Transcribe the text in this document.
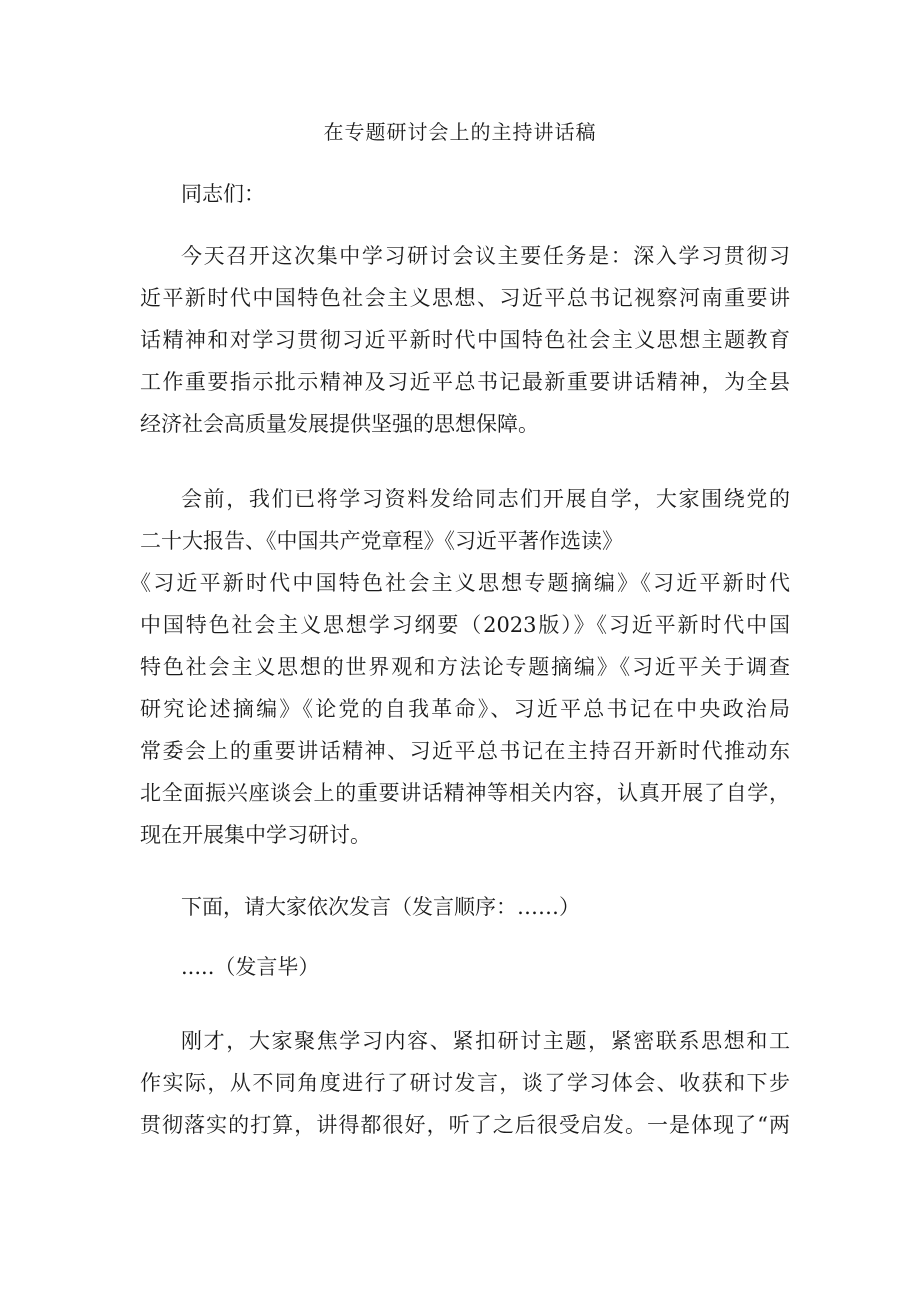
在专题研讨会上的主持讲话稿
同志们：
今天召开这次集中学习研讨会议主要任务是：深入学习贯彻习
近平新时代中国特色社会主义思想、习近平总书记视察河南重要讲
话精神和对学习贯彻习近平新时代中国特色社会主义思想主题教育
工作重要指示批示精神及习近平总书记最新重要讲话精神，为全县
经济社会高质量发展提供坚强的思想保障。
会前，我们已将学习资料发给同志们开展自学，大家围绕党的
二十大报告、《中国共产党章程》《习近平著作选读》
《习近平新时代中国特色社会主义思想专题摘编》《习近平新时代
中国特色社会主义思想学习纲要（2023版）》《习近平新时代中国
特色社会主义思想的世界观和方法论专题摘编》《习近平关于调查
研究论述摘编》《论党的自我革命》、习近平总书记在中央政治局
常委会上的重要讲话精神、习近平总书记在主持召开新时代推动东
北全面振兴座谈会上的重要讲话精神等相关内容，认真开展了自学，
现在开展集中学习研讨。
下面，请大家依次发言（发言顺序：……）
.....（发言毕）
刚才，大家聚焦学习内容、紧扣研讨主题，紧密联系思想和工
作实际，从不同角度进行了研讨发言，谈了学习体会、收获和下步
贯彻落实的打算，讲得都很好，听了之后很受启发。一是体现了“两
